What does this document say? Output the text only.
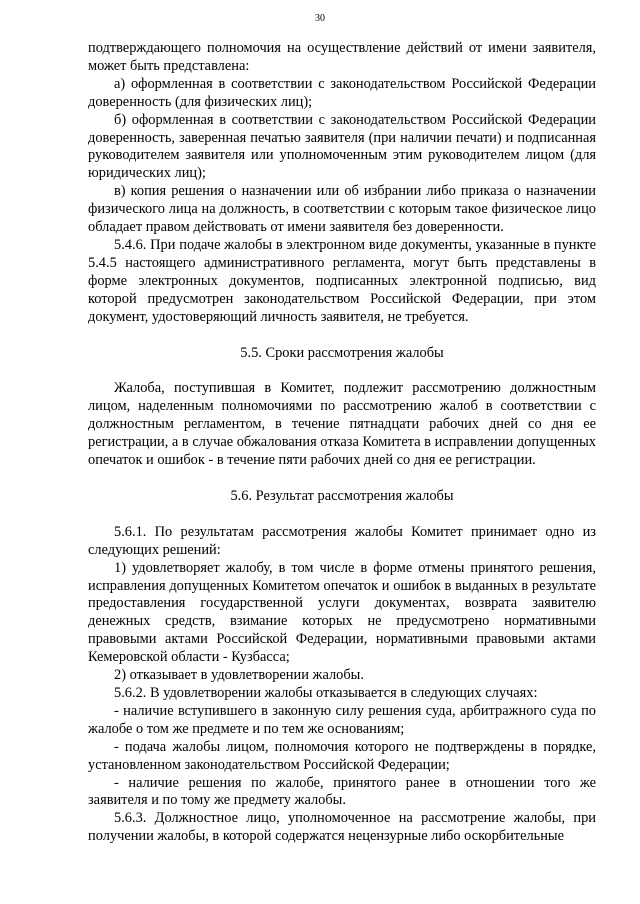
30

подтверждающего полномочия на осуществление действий от имени заявителя, может быть представлена:

а) оформленная в соответствии с законодательством Российской Федерации доверенность (для физических лиц);

б) оформленная в соответствии с законодательством Российской Федерации доверенность, заверенная печатью заявителя (при наличии печати) и подписанная руководителем заявителя или уполномоченным этим руководителем лицом (для юридических лиц);

в) копия решения о назначении или об избрании либо приказа о назначении физического лица на должность, в соответствии с которым такое физическое лицо обладает правом действовать от имени заявителя без доверенности.

5.4.6. При подаче жалобы в электронном виде документы, указанные в пункте 5.4.5 настоящего административного регламента, могут быть представлены в форме электронных документов, подписанных электронной подписью, вид которой предусмотрен законодательством Российской Федерации, при этом документ, удостоверяющий личность заявителя, не требуется.

5.5. Сроки рассмотрения жалобы

Жалоба, поступившая в Комитет, подлежит рассмотрению должностным лицом, наделенным полномочиями по рассмотрению жалоб в соответствии с должностным регламентом, в течение пятнадцати рабочих дней со дня ее регистрации, а в случае обжалования отказа Комитета в исправлении допущенных опечаток и ошибок - в течение пяти рабочих дней со дня ее регистрации.

5.6. Результат рассмотрения жалобы

5.6.1. По результатам рассмотрения жалобы Комитет принимает одно из следующих решений:

1) удовлетворяет жалобу, в том числе в форме отмены принятого решения, исправления допущенных Комитетом опечаток и ошибок в выданных в результате предоставления государственной услуги документах, возврата заявителю денежных средств, взимание которых не предусмотрено нормативными правовыми актами Российской Федерации, нормативными правовыми актами Кемеровской области - Кузбасса;

2) отказывает в удовлетворении жалобы.

5.6.2. В удовлетворении жалобы отказывается в следующих случаях:

- наличие вступившего в законную силу решения суда, арбитражного суда по жалобе о том же предмете и по тем же основаниям;

- подача жалобы лицом, полномочия которого не подтверждены в порядке, установленном законодательством Российской Федерации;

- наличие решения по жалобе, принятого ранее в отношении того же заявителя и по тому же предмету жалобы.

5.6.3. Должностное лицо, уполномоченное на рассмотрение жалобы, при получении жалобы, в которой содержатся нецензурные либо оскорбительные
